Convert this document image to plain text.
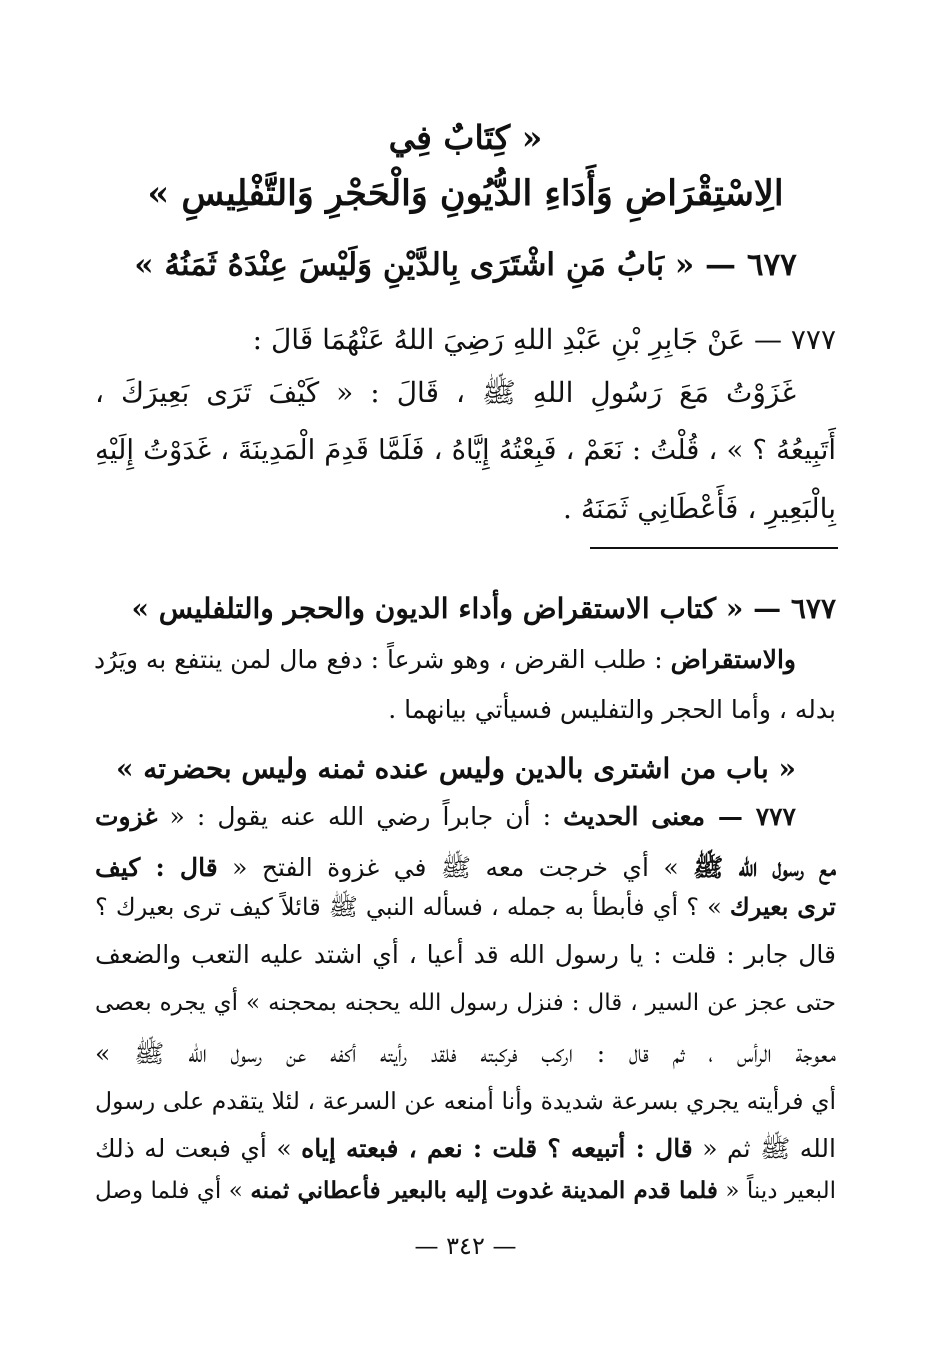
« كِتَابٌ فِي
الِاسْتِقْرَاضِ وَأَدَاءِ الدُّيُونِ وَالْحَجْرِ وَالتَّفْلِيسِ »
٦٧٧ — « بَابُ مَنِ اشْتَرَى بِالدَّيْنِ وَلَيْسَ عِنْدَهُ ثَمَنُهُ »
٧٧٧ — عَنْ جَابِرِ بْنِ عَبْدِ اللهِ رَضِيَ اللهُ عَنْهُمَا قَالَ :
غَزَوْتُ مَعَ رَسُولِ اللهِ ﷺ ، قَالَ : « كَيْفَ تَرَى بَعِيرَكَ ،
أَتَبِيعُهُ ؟ » ، قُلْتُ : نَعَمْ ، فَبِعْتُهُ إِيَّاهُ ، فَلَمَّا قَدِمَ الْمَدِينَةَ ، غَدَوْتُ إِلَيْهِ
بِالْبَعِيرِ ، فَأَعْطَانِي ثَمَنَهُ .
٦٧٧ — « كتاب الاستقراض وأداء الديون والحجر والتلفليس »
والاستقراض : طلب القرض ، وهو شرعاً : دفع مال لمن ينتفع به ويَرُد
بدله ، وأما الحجر والتفليس فسيأتي بيانهما .
« باب من اشترى بالدين وليس عنده ثمنه وليس بحضرته »
٧٧٧ — معنى الحديث : أن جابراً رضي الله عنه يقول : « غزوت
مع رسول الله ﷺ » أي خرجت معه ﷺ في غزوة الفتح « قال : كيف
ترى بعيرك » ؟ أي فأبطأ به جمله ، فسأله النبي ﷺ قائلاً كيف ترى بعيرك ؟
قال جابر : قلت : يا رسول الله قد أعيا ، أي اشتد عليه التعب والضعف
حتى عجز عن السير ، قال : فنزل رسول الله يحجنه بمحجنه » أي يجره بعصى
معوجة الرأس ، ثم قال : اركب فركبته فلقد رأيته أكفه عن رسول الله ﷺ »
أي فرأيته يجري بسرعة شديدة وأنا أمنعه عن السرعة ، لئلا يتقدم على رسول
الله ﷺ ثم « قال : أتبيعه ؟ قلت : نعم ، فبعته إياه » أي فبعت له ذلك
البعير ديناً « فلما قدم المدينة غدوت إليه بالبعير فأعطاني ثمنه » أي فلما وصل
— ٣٤٢ —
